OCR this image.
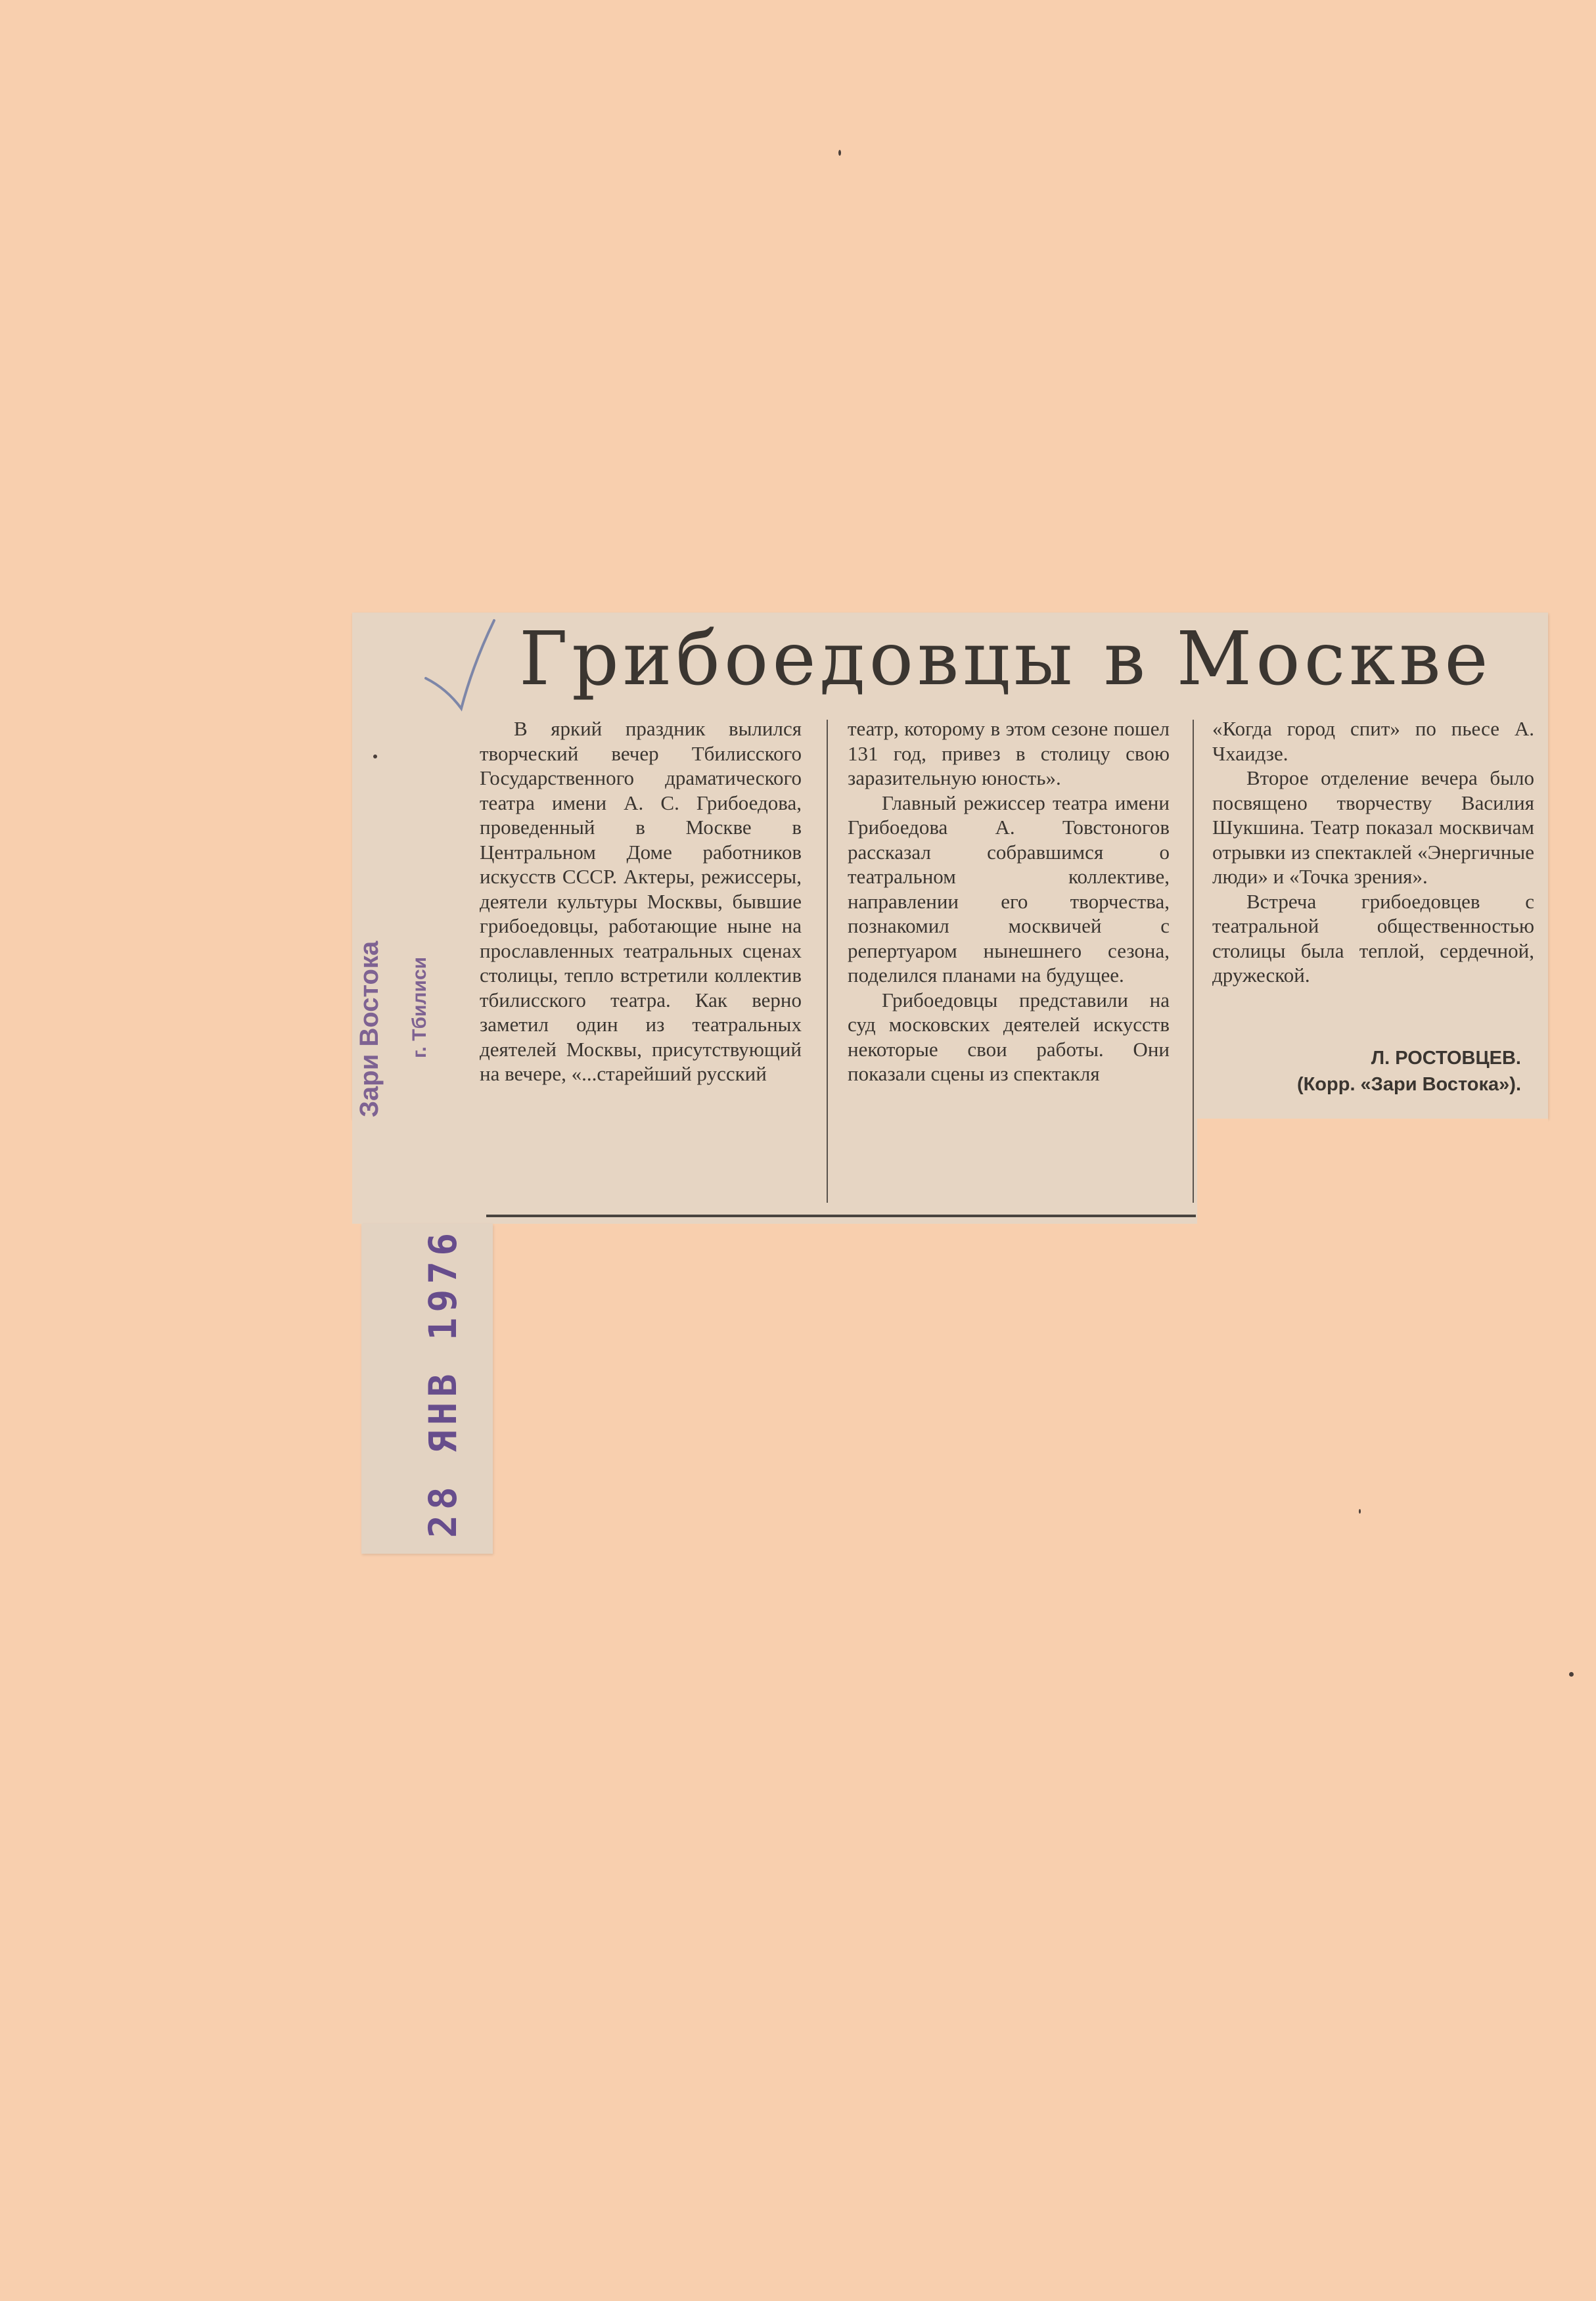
Грибоедовцы в Москве

В яркий праздник вылился творческий вечер Тбилисского Государственного драматического театра имени А. С. Грибоедова, проведенный в Москве в Центральном Доме работников искусств СССР. Актеры, режиссеры, деятели культуры Москвы, бывшие грибоедовцы, работающие ныне на прославленных театральных сценах столицы, тепло встретили коллектив тбилисского театра. Как верно заметил один из театральных деятелей Москвы, присутствующий на вечере, «...старейший русский

театр, которому в этом сезоне пошел 131 год, привез в столицу свою заразительную юность».

Главный режиссер театра имени Грибоедова А. Товстоногов рассказал собравшимся о театральном коллективе, направлении его творчества, познакомил москвичей с репертуаром нынешнего сезона, поделился планами на будущее.

Грибоедовцы представили на суд московских деятелей искусств некоторые свои работы. Они показали сцены из спектакля

«Когда город спит» по пьесе А. Чхаидзе.

Второе отделение вечера было посвящено творчеству Василия Шукшина. Театр показал москвичам отрывки из спектаклей «Энергичные люди» и «Точка зрения».

Встреча грибоедовцев с театральной общественностью столицы была теплой, сердечной, дружеской.

Л. РОСТОВЦЕВ.
(Корр. «Зари Востока»).
г. Тбилиси
28 ЯНВ 1976
